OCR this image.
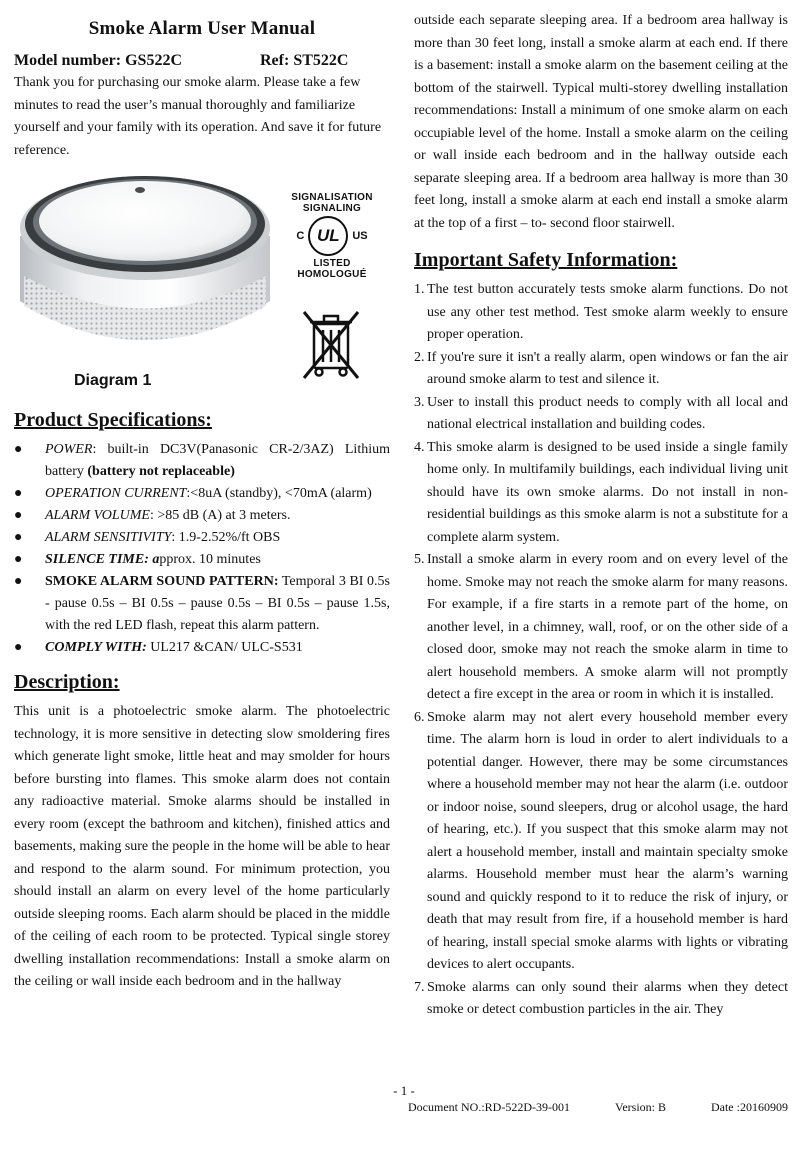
Smoke Alarm User Manual
Model number: GS522C	Ref: ST522C

Thank you for purchasing our smoke alarm. Please take a few minutes to read the user’s manual thoroughly and familiarize yourself and your family with its operation. And save it for future reference.

SIGNALISATION
SIGNALING
C UL	US
LISTED
HOMOLOGUÉ
Diagram 1
Product Specifications:
● POWER: built-in DC3V(Panasonic CR-2/3AZ) Lithium battery (battery not replaceable)
● OPERATION CURRENT:<8uA (standby), <70mA (alarm)
● ALARM VOLUME: >85 dB (A) at 3 meters.
● ALARM SENSITIVITY: 1.9-2.52%/ft OBS
● SILENCE TIME: approx. 10 minutes
● SMOKE ALARM SOUND PATTERN: Temporal 3 BI 0.5s - pause 0.5s – BI 0.5s – pause 0.5s – BI 0.5s – pause 1.5s, with the red LED flash, repeat this alarm pattern.
● COMPLY WITH: UL217 &CAN/ ULC-S531
Description:

This unit is a photoelectric smoke alarm. The photoelectric technology, it is more sensitive in detecting slow smoldering fires which generate light smoke, little heat and may smolder for hours before bursting into flames. This smoke alarm does not contain any radioactive material. Smoke alarms should be installed in every room (except the bathroom and kitchen), finished attics and basements, making sure the people in the home will be able to hear and respond to the alarm sound. For minimum protection, you should install an alarm on every level of the home particularly outside sleeping rooms. Each alarm should be placed in the middle of the ceiling of each room to be protected. Typical single storey dwelling installation recommendations: Install a smoke alarm on the ceiling or wall inside each bedroom and in the hallway

outside each separate sleeping area. If a bedroom area hallway is more than 30 feet long, install a smoke alarm at each end. If there is a basement: install a smoke alarm on the basement ceiling at the bottom of the stairwell. Typical multi-storey dwelling installation recommendations: Install a minimum of one smoke alarm on each occupiable level of the home. Install a smoke alarm on the ceiling or wall inside each bedroom and in the hallway outside each separate sleeping area. If a bedroom area hallway is more than 30 feet long, install a smoke alarm at each end install a smoke alarm at the top of a first – to- second floor stairwell.

Important Safety Information:
1. The test button accurately tests smoke alarm functions. Do not use any other test method. Test smoke alarm weekly to ensure proper operation.
2. If you're sure it isn't a really alarm, open windows or fan the air around smoke alarm to test and silence it.
3. User to install this product needs to comply with all local and national electrical installation and building codes.
4. This smoke alarm is designed to be used inside a single family home only. In multifamily buildings, each individual living unit should have its own smoke alarms. Do not install in non-residential buildings as this smoke alarm is not a substitute for a complete alarm system.
5. Install a smoke alarm in every room and on every level of the home. Smoke may not reach the smoke alarm for many reasons. For example, if a fire starts in a remote part of the home, on another level, in a chimney, wall, roof, or on the other side of a closed door, smoke may not reach the smoke alarm in time to alert household members. A smoke alarm will not promptly detect a fire except in the area or room in which it is installed.
6. Smoke alarm may not alert every household member every time. The alarm horn is loud in order to alert individuals to a potential danger. However, there may be some circumstances where a household member may not hear the alarm (i.e. outdoor or indoor noise, sound sleepers, drug or alcohol usage, the hard of hearing, etc.). If you suspect that this smoke alarm may not alert a household member, install and maintain specialty smoke alarms. Household member must hear the alarm’s warning sound and quickly respond to it to reduce the risk of injury, or death that may result from fire, if a household member is hard of hearing, install special smoke alarms with lights or vibrating devices to alert occupants.
7. Smoke alarms can only sound their alarms when they detect smoke or detect combustion particles in the air. They
- 1 -
Document NO.:RD-522D-39-001	Version: B	Date :20160909
